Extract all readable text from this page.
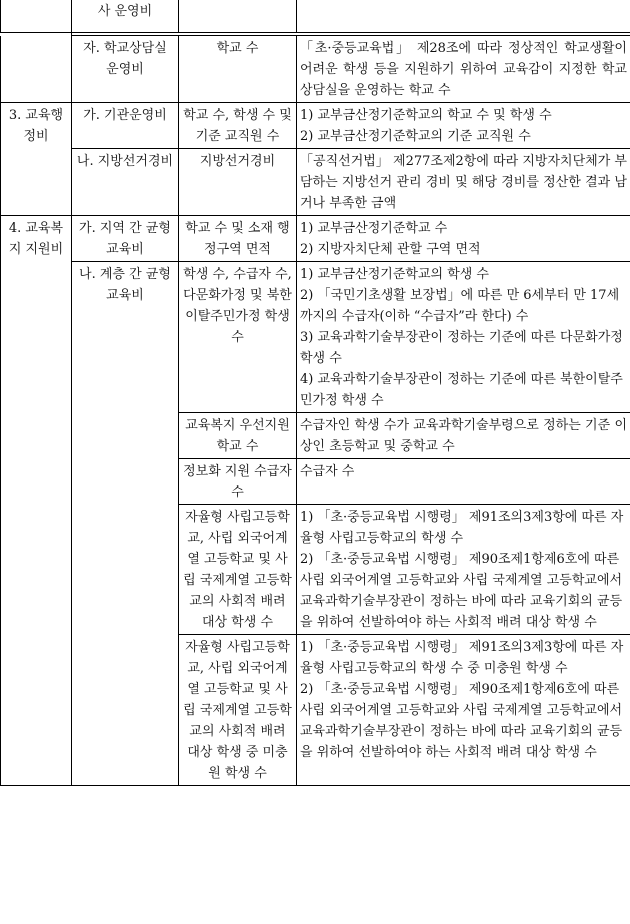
	사 운영비		

	자. 학교상담실 운영비	학교 수	「초·중등교육법」 제28조에 따라 정상적인 학교생활이 어려운 학생 등을 지원하기 위하여 교육감이 지정한 학교상담실을 운영하는 학교 수
3. 교육행정비	가. 기관운영비	학교 수, 학생 수 및 기준 교직원 수	1) 교부금산정기준학교의 학교 수 및 학생 수
2) 교부금산정기준학교의 기준 교직원 수

	나. 지방선거경비	지방선거경비	「공직선거법」 제277조제2항에 따라 지방자치단체가 부담하는 지방선거 관리 경비 및 해당 경비를 정산한 결과 남거나 부족한 금액
4. 교육복지 지원비	가. 지역 간 균형교육비	학교 수 및 소재 행정구역 면적	1) 교부금산정기준학교 수
2) 지방자치단체 관할 구역 면적

	나. 계층 간 균형교육비	학생 수, 수급자 수, 다문화가정 및 북한이탈주민가정 학생 수	1) 교부금산정기준학교의 학생 수
2) 「국민기초생활 보장법」에 따른 만 6세부터 만 17세까지의 수급자(이하 “수급자”라 한다) 수
3) 교육과학기술부장관이 정하는 기준에 따른 다문화가정 학생 수
4) 교육과학기술부장관이 정하는 기준에 따른 북한이탈주민가정 학생 수

		교육복지 우선지원 학교 수	수급자인 학생 수가 교육과학기술부령으로 정하는 기준 이상인 초등학교 및 중학교 수
		정보화 지원 수급자 수	수급자 수
		자율형 사립고등학교, 사립 외국어계열 고등학교 및 사립 국제계열 고등학교의 사회적 배려 대상 학생 수	1) 「초·중등교육법 시행령」 제91조의3제3항에 따른 자율형 사립고등학교의 학생 수
2) 「초·중등교육법 시행령」 제90조제1항제6호에 따른 사립 외국어계열 고등학교와 사립 국제계열 고등학교에서 교육과학기술부장관이 정하는 바에 따라 교육기회의 균등을 위하여 선발하여야 하는 사회적 배려 대상 학생 수

		자율형 사립고등학교, 사립 외국어계열 고등학교 및 사립 국제계열 고등학교의 사회적 배려 대상 학생 중 미충원 학생 수	1) 「초·중등교육법 시행령」 제91조의3제3항에 따른 자율형 사립고등학교의 학생 수 중 미충원 학생 수
2) 「초·중등교육법 시행령」 제90조제1항제6호에 따른 사립 외국어계열 고등학교와 사립 국제계열 고등학교에서 교육과학기술부장관이 정하는 바에 따라 교육기회의 균등을 위하여 선발하여야 하는 사회적 배려 대상 학생 수
